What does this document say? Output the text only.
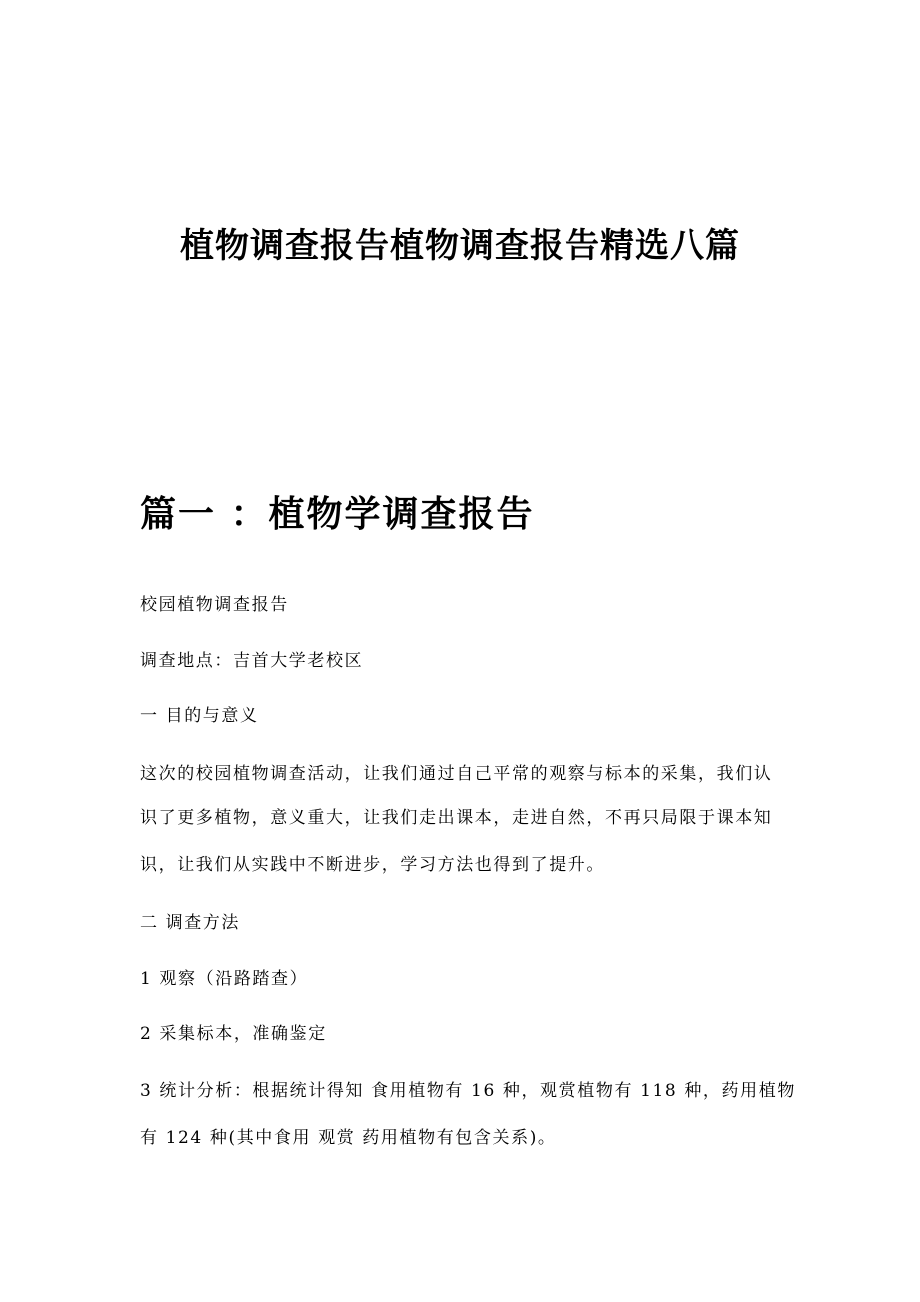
植物调查报告植物调查报告精选八篇
篇一 ：植物学调查报告
校园植物调查报告
调查地点：吉首大学老校区
一 目的与意义
这次的校园植物调查活动，让我们通过自己平常的观察与标本的采集，我们认
识了更多植物，意义重大，让我们走出课本，走进自然，不再只局限于课本知
识，让我们从实践中不断进步，学习方法也得到了提升。
二 调查方法
1 观察（沿路踏查）
2 采集标本，准确鉴定
3 统计分析：根据统计得知 食用植物有 16 种，观赏植物有 118 种，药用植物
有 124 种(其中食用 观赏 药用植物有包含关系)。
